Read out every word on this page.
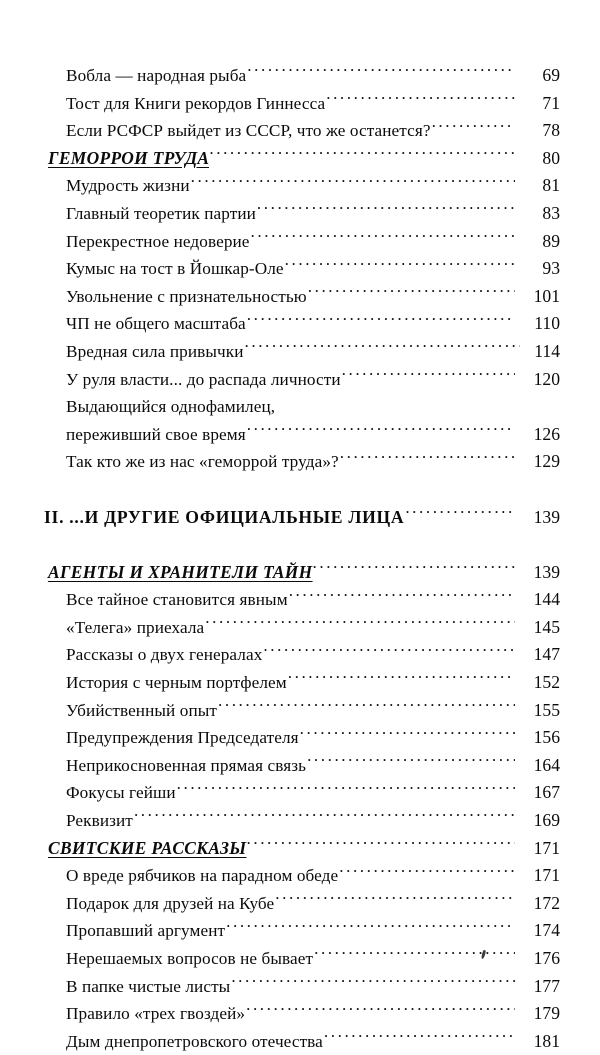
Вобла — народная рыба .....	69
Тост для Книги рекордов Гиннесса .....	71
Если РСФСР выйдет из СССР, что же останется? .....	78
ГЕМОРРОИ ТРУДА .....	80
Мудрость жизни .....	81
Главный теоретик партии .....	83
Перекрестное недоверие .....	89
Кумыс на тост в Йошкар-Оле .....	93
Увольнение с признательностью .....	101
ЧП не общего масштаба .....	110
Вредная сила привычки .....	114
У руля власти... до распада личности .....	120
Выдающийся однофамилец,
переживший свое время .....	126
Так кто же из нас «геморрой труда»? .....	129
II. ...И ДРУГИЕ ОФИЦИАЛЬНЫЕ ЛИЦА .....	139
АГЕНТЫ И ХРАНИТЕЛИ ТАЙН .....	139
Все тайное становится явным .....	144
«Телега» приехала .....	145
Рассказы о двух генералах .....	147
История с черным портфелем .....	152
Убийственный опыт .....	155
Предупреждения Председателя .....	156
Неприкосновенная прямая связь .....	164
Фокусы гейши .....	167
Реквизит .....	169
СВИТСКИЕ РАССКАЗЫ .....	171
О вреде рябчиков на парадном обеде .....	171
Подарок для друзей на Кубе .....	172
Пропавший аргумент .....	174
Нерешаемых вопросов не бывает .....	176
В папке чистые листы .....	177
Правило «трех гвоздей» .....	179
Дым днепропетровского отечества .....	181
